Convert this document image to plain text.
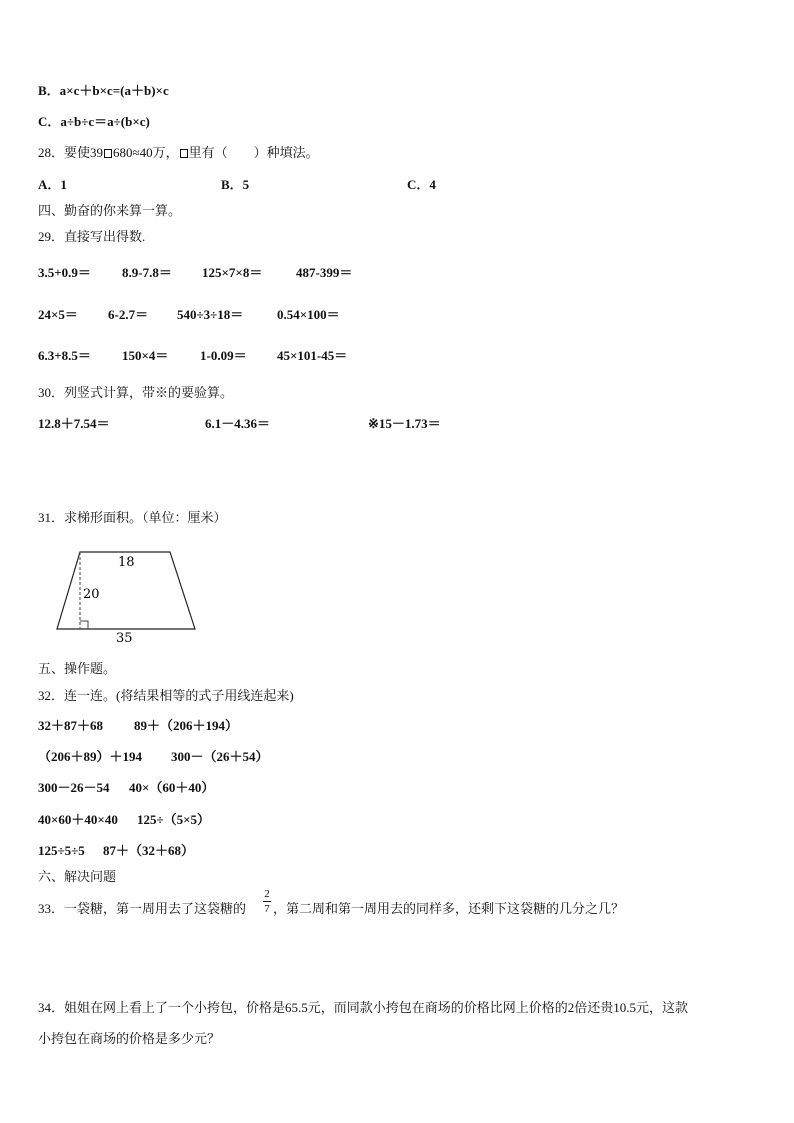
B．a×c＋b×c=(a＋b)×c
C．a÷b÷c＝a÷(b×c)
28．要使39 680≈40万， 里有（　　）种填法。
A．1	B．5	C．4
四、勤奋的你来算一算。
29．直接写出得数.
3.5+0.9＝ 8.9-7.8＝ 125×7×8＝	487-399＝
24×5＝ 6-2.7＝ 540÷3÷18＝	0.54×100＝
6.3+8.5＝ 150×4＝ 1-0.09＝ 45×101-45＝
30．列竖式计算，带※的要验算。
12.8＋7.54＝	6.1－4.36＝	※15－1.73＝
31．求梯形面积。（单位：厘米）
18
20
35
五、操作题。
32．连一连。(将结果相等的式子用线连起来)
32＋87＋68 89＋（206＋194）
（206＋89）＋194 300－（26＋54）
300－26－54 40×（60＋40）
40×60＋40×40 125÷（5×5）
125÷5÷5 87＋（32＋68）
六、解决问题
33．一袋糖，第一周用去了这袋糖的
2
7 ，第二周和第一周用去的同样多，还剩下这袋糖的几分之几？
34．姐姐在网上看上了一个小挎包，价格是65.5元，而同款小挎包在商场的价格比网上价格的2倍还贵10.5元，这款
小挎包在商场的价格是多少元？
